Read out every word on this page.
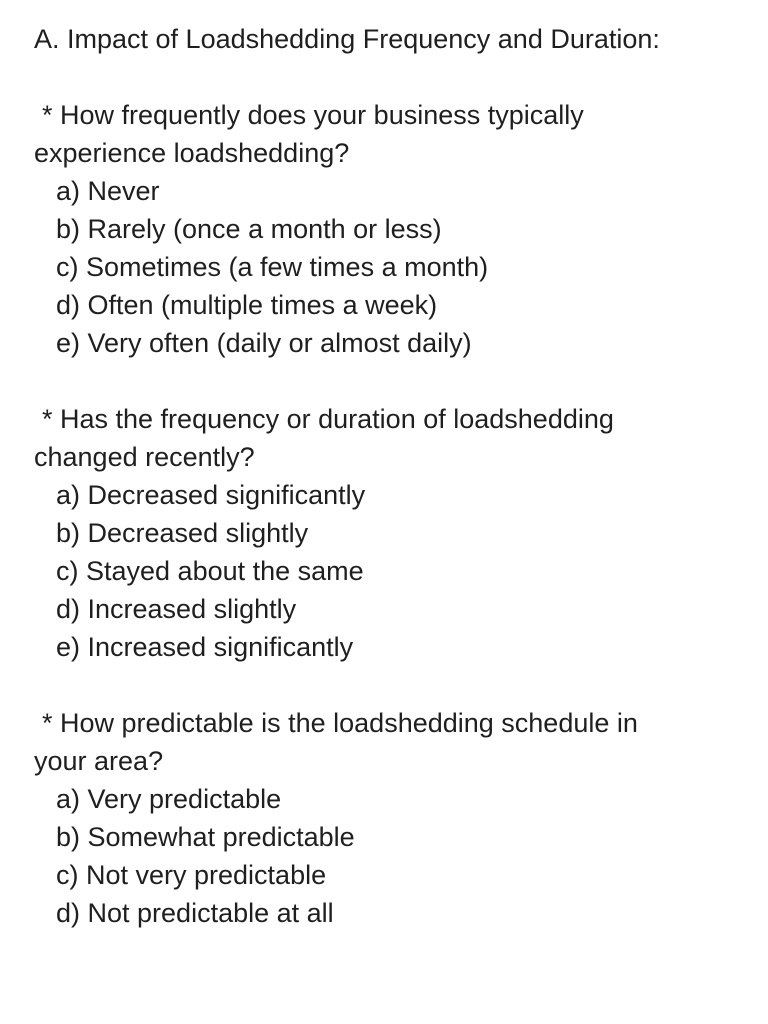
A. Impact of Loadshedding Frequency and Duration:

* How frequently does your business typically
experience loadshedding?

a) Never
b) Rarely (once a month or less)
c) Sometimes (a few times a month)
d) Often (multiple times a week)
e) Very often (daily or almost daily)

* Has the frequency or duration of loadshedding
changed recently?

a) Decreased significantly
b) Decreased slightly
c) Stayed about the same
d) Increased slightly
e) Increased significantly

* How predictable is the loadshedding schedule in
your area?

a) Very predictable
b) Somewhat predictable
c) Not very predictable
d) Not predictable at all
